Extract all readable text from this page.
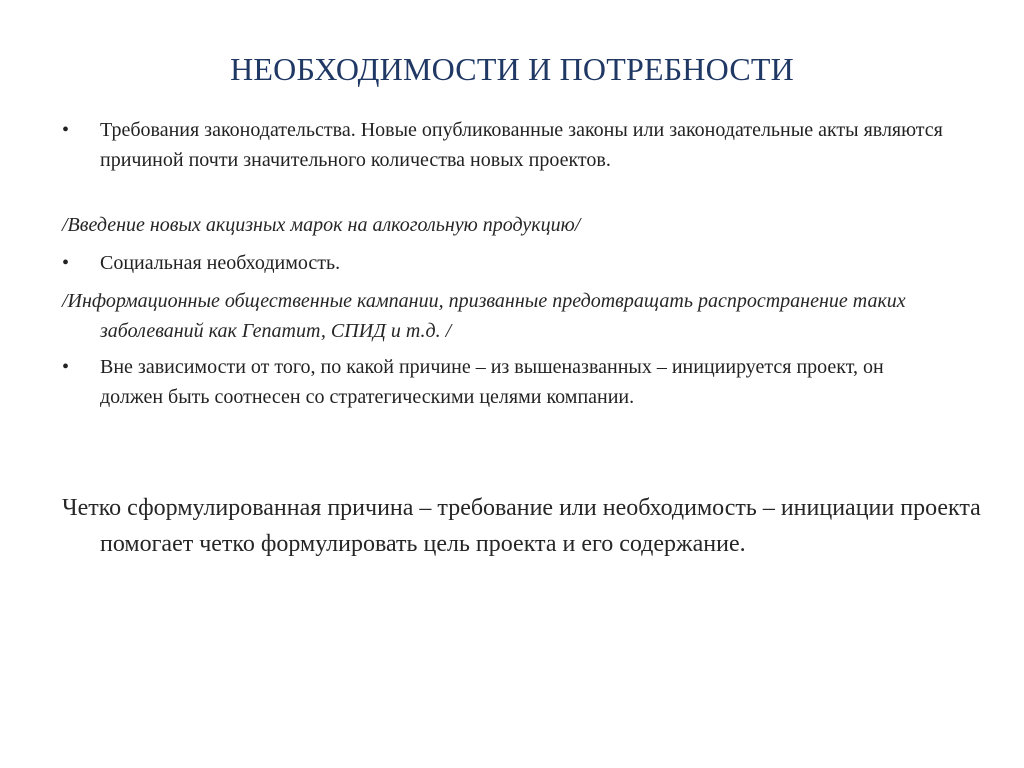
НЕОБХОДИМОСТИ И ПОТРЕБНОСТИ
•	Требования законодательства. Новые опубликованные законы или законодательные акты являются причиной почти значительного количества новых проектов.
/Введение новых акцизных марок на алкогольную продукцию/
•	Социальная необходимость.
/Информационные общественные кампании, призванные предотвращать распространение таких заболеваний как Гепатит, СПИД и т.д. /
•	Вне зависимости от того, по какой причине – из вышеназванных – инициируется проект, он должен быть соотнесен со стратегическими целями компании.
Четко сформулированная причина – требование или необходимость – инициации проекта помогает четко формулировать цель проекта и его содержание.
